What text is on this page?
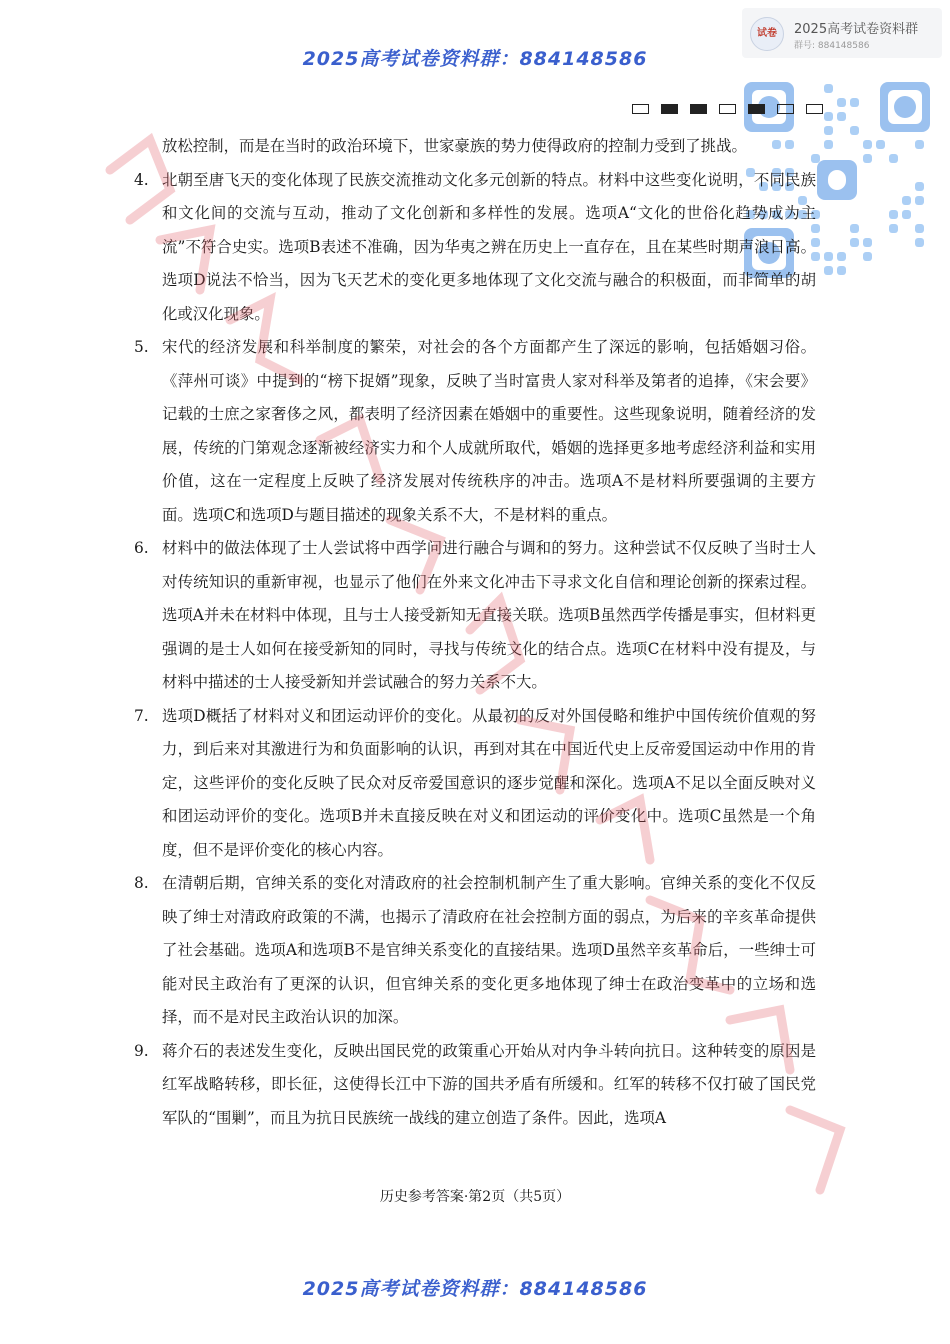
2025高考试卷资料群：884148586
试卷	2025高考试卷资料群
群号: 884148586

放松控制，而是在当时的政治环境下，世家豪族的势力使得政府的控制力受到了挑战。

4. 北朝至唐飞天的变化体现了民族交流推动文化多元创新的特点。材料中这些变化说明，不同民族和文化间的交流与互动，推动了文化创新和多样性的发展。选项A“文化的世俗化趋势成为主流”不符合史实。选项B表述不准确，因为华夷之辨在历史上一直存在，且在某些时期声浪日高。选项D说法不恰当，因为飞天艺术的变化更多地体现了文化交流与融合的积极面，而非简单的胡化或汉化现象。
5. 宋代的经济发展和科举制度的繁荣，对社会的各个方面都产生了深远的影响，包括婚姻习俗。《萍州可谈》中提到的“榜下捉婿”现象，反映了当时富贵人家对科举及第者的追捧，《宋会要》记载的士庶之家奢侈之风，都表明了经济因素在婚姻中的重要性。这些现象说明，随着经济的发展，传统的门第观念逐渐被经济实力和个人成就所取代，婚姻的选择更多地考虑经济利益和实用价值，这在一定程度上反映了经济发展对传统秩序的冲击。选项A不是材料所要强调的主要方面。选项C和选项D与题目描述的现象关系不大，不是材料的重点。
6. 材料中的做法体现了士人尝试将中西学问进行融合与调和的努力。这种尝试不仅反映了当时士人对传统知识的重新审视，也显示了他们在外来文化冲击下寻求文化自信和理论创新的探索过程。选项A并未在材料中体现，且与士人接受新知无直接关联。选项B虽然西学传播是事实，但材料更强调的是士人如何在接受新知的同时，寻找与传统文化的结合点。选项C在材料中没有提及，与材料中描述的士人接受新知并尝试融合的努力关系不大。
7. 选项D概括了材料对义和团运动评价的变化。从最初的反对外国侵略和维护中国传统价值观的努力，到后来对其激进行为和负面影响的认识，再到对其在中国近代史上反帝爱国运动中作用的肯定，这些评价的变化反映了民众对反帝爱国意识的逐步觉醒和深化。选项A不足以全面反映对义和团运动评价的变化。选项B并未直接反映在对义和团运动的评价变化中。选项C虽然是一个角度，但不是评价变化的核心内容。
8. 在清朝后期，官绅关系的变化对清政府的社会控制机制产生了重大影响。官绅关系的变化不仅反映了绅士对清政府政策的不满，也揭示了清政府在社会控制方面的弱点，为后来的辛亥革命提供了社会基础。选项A和选项B不是官绅关系变化的直接结果。选项D虽然辛亥革命后，一些绅士可能对民主政治有了更深的认识，但官绅关系的变化更多地体现了绅士在政治变革中的立场和选择，而不是对民主政治认识的加深。
9. 蒋介石的表述发生变化，反映出国民党的政策重心开始从对内争斗转向抗日。这种转变的原因是红军战略转移，即长征，这使得长江中下游的国共矛盾有所缓和。红军的转移不仅打破了国民党军队的“围剿”，而且为抗日民族统一战线的建立创造了条件。因此，选项A
历史参考答案·第2页（共5页）
2025高考试卷资料群：884148586
